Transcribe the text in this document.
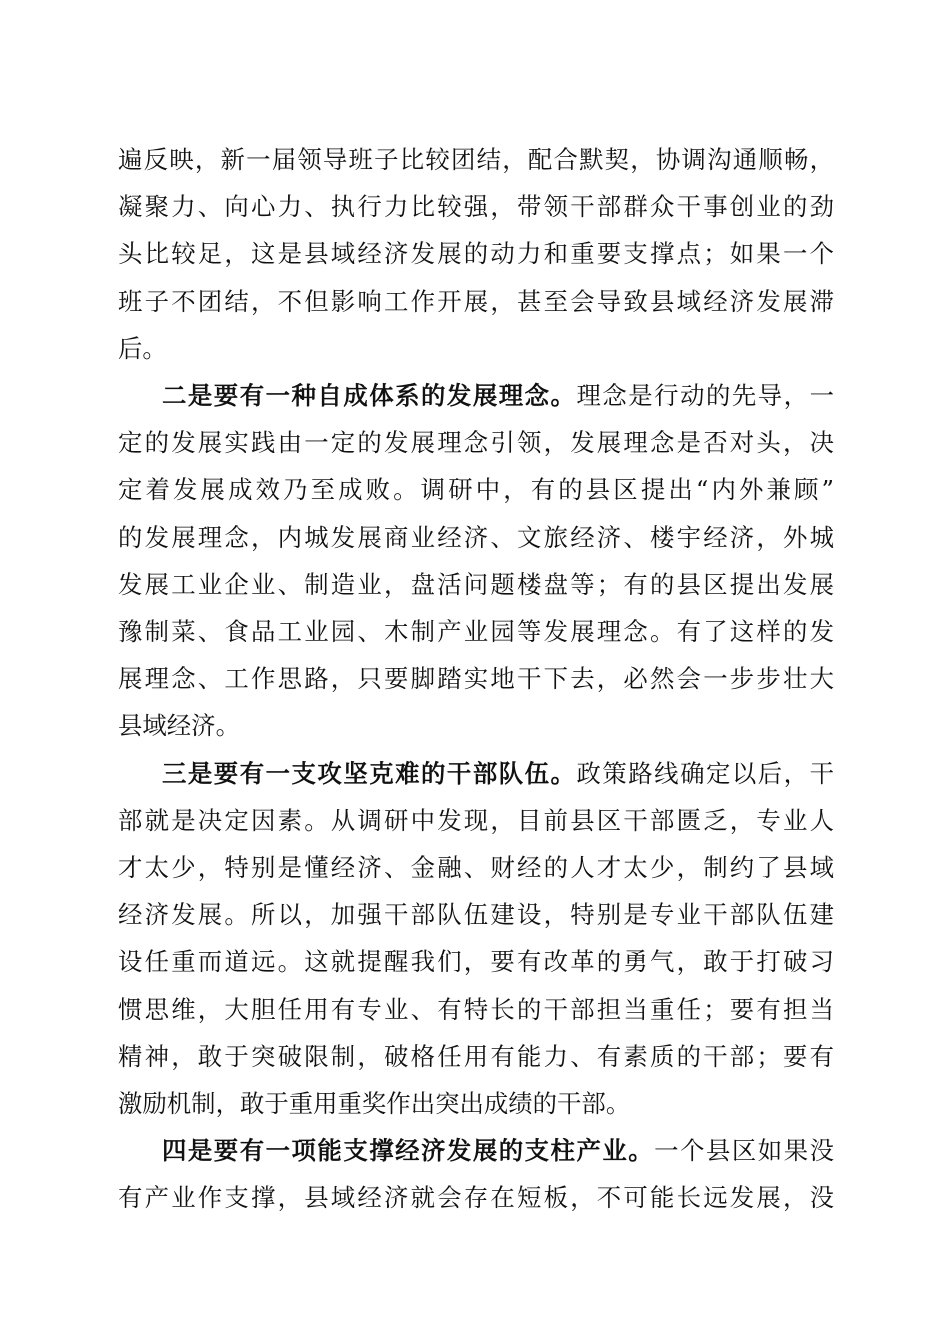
遍反映，新一届领导班子比较团结，配合默契，协调沟通顺畅，
凝聚力、向心力、执行力比较强，带领干部群众干事创业的劲
头比较足，这是县域经济发展的动力和重要支撑点；如果一个
班子不团结，不但影响工作开展，甚至会导致县域经济发展滞
后。
二是要有一种自成体系的发展理念。理念是行动的先导，一
定的发展实践由一定的发展理念引领，发展理念是否对头，决
定着发展成效乃至成败。调研中，有的县区提出“内外兼顾”
的发展理念，内城发展商业经济、文旅经济、楼宇经济，外城
发展工业企业、制造业，盘活问题楼盘等；有的县区提出发展
豫制菜、食品工业园、木制产业园等发展理念。有了这样的发
展理念、工作思路，只要脚踏实地干下去，必然会一步步壮大
县域经济。
三是要有一支攻坚克难的干部队伍。政策路线确定以后，干
部就是决定因素。从调研中发现，目前县区干部匮乏，专业人
才太少，特别是懂经济、金融、财经的人才太少，制约了县域
经济发展。所以，加强干部队伍建设，特别是专业干部队伍建
设任重而道远。这就提醒我们，要有改革的勇气，敢于打破习
惯思维，大胆任用有专业、有特长的干部担当重任；要有担当
精神，敢于突破限制，破格任用有能力、有素质的干部；要有
激励机制，敢于重用重奖作出突出成绩的干部。
四是要有一项能支撑经济发展的支柱产业。一个县区如果没
有产业作支撑，县域经济就会存在短板，不可能长远发展，没
